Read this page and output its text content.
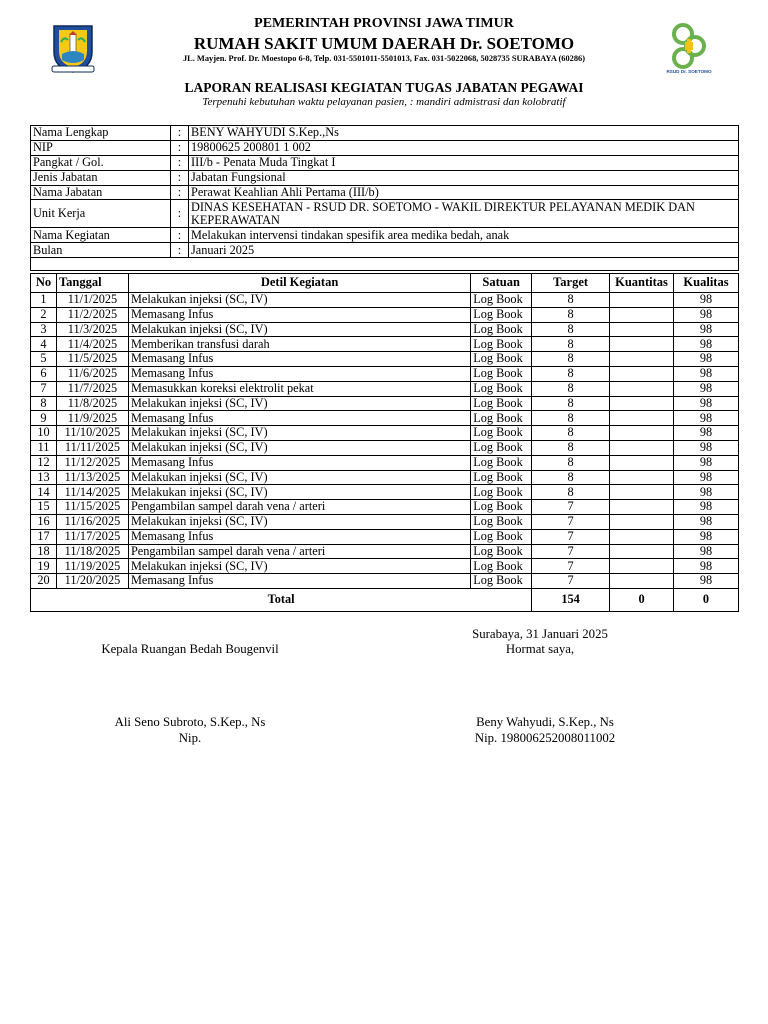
PEMERINTAH PROVINSI JAWA TIMUR
RUMAH SAKIT UMUM DAERAH Dr. SOETOMO
JL. Mayjen. Prof. Dr. Moestopo 6-8, Telp. 031-5501011-5501013, Fax. 031-5022068, 5028735 SURABAYA (60286)
RSUD Dr. SOETOMO
LAPORAN REALISASI KEGIATAN TUGAS JABATAN PEGAWAI
Terpenuhi kebutuhan waktu pelayanan pasien, : mandiri admistrasi dan kolobratif
Nama Lengkap	:	BENY WAHYUDI S.Kep.,Ns
NIP	:	19800625 200801 1 002
Pangkat / Gol.	:	III/b - Penata Muda Tingkat I
Jenis Jabatan	:	Jabatan Fungsional
Nama Jabatan	:	Perawat Keahlian Ahli Pertama (III/b)
Unit Kerja	:	DINAS KESEHATAN - RSUD DR. SOETOMO - WAKIL DIREKTUR PELAYANAN MEDIK DAN KEPERAWATAN
Nama Kegiatan	:	Melakukan intervensi tindakan spesifik area medika bedah, anak
Bulan	:	Januari 2025

No	Tanggal	Detil Kegiatan	Satuan	Target	Kuantitas	Kualitas
1	11/1/2025	Melakukan injeksi (SC, IV)	Log Book	8		98
2	11/2/2025	Memasang Infus	Log Book	8		98
3	11/3/2025	Melakukan injeksi (SC, IV)	Log Book	8		98
4	11/4/2025	Memberikan transfusi darah	Log Book	8		98
5	11/5/2025	Memasang Infus	Log Book	8		98
6	11/6/2025	Memasang Infus	Log Book	8		98
7	11/7/2025	Memasukkan koreksi elektrolit pekat	Log Book	8		98
8	11/8/2025	Melakukan injeksi (SC, IV)	Log Book	8		98
9	11/9/2025	Memasang Infus	Log Book	8		98
10	11/10/2025	Melakukan injeksi (SC, IV)	Log Book	8		98
11	11/11/2025	Melakukan injeksi (SC, IV)	Log Book	8		98
12	11/12/2025	Memasang Infus	Log Book	8		98
13	11/13/2025	Melakukan injeksi (SC, IV)	Log Book	8		98
14	11/14/2025	Melakukan injeksi (SC, IV)	Log Book	8		98
15	11/15/2025	Pengambilan sampel darah vena / arteri	Log Book	7		98
16	11/16/2025	Melakukan injeksi (SC, IV)	Log Book	7		98
17	11/17/2025	Memasang Infus	Log Book	7		98
18	11/18/2025	Pengambilan sampel darah vena / arteri	Log Book	7		98
19	11/19/2025	Melakukan injeksi (SC, IV)	Log Book	7		98
20	11/20/2025	Memasang Infus	Log Book	7		98
Total				154	0	0
Surabaya, 31 Januari 2025
Kepala Ruangan Bedah Bougenvil	Hormat saya,
Ali Seno Subroto, S.Kep., Ns
Nip.
Beny Wahyudi, S.Kep., Ns
Nip. 198006252008011002
